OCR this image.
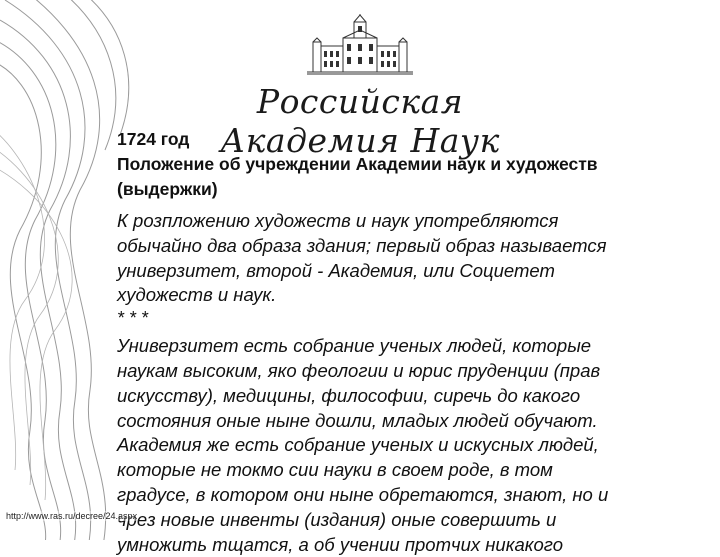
Российская Академия Наук

1724 год

Положение об учреждении Академии наук и художеств

(выдержки)

К розпложению художеств и наук употребляются

обычайно два образа здания; первый образ называется

универзитет, второй - Академия, или Социетет

художеств и наук.

* * *

Универзитет есть собрание ученых людей, которые

наукам высоким, яко феологии и юрис пруденции (прав

искусству), медицины, философии, сиречь до какого

состояния оные ныне дошли, младых людей обучают.

Академия же есть собрание ученых и искусных людей,

которые не токмо сии науки в своем роде, в том

градусе, в котором они ныне обретаются, знают, но и

чрез новые инвенты (издания) оные совершить и

умножить тщатся, а об учении протчих никакого

http://www.ras.ru/decree/24.aspx
